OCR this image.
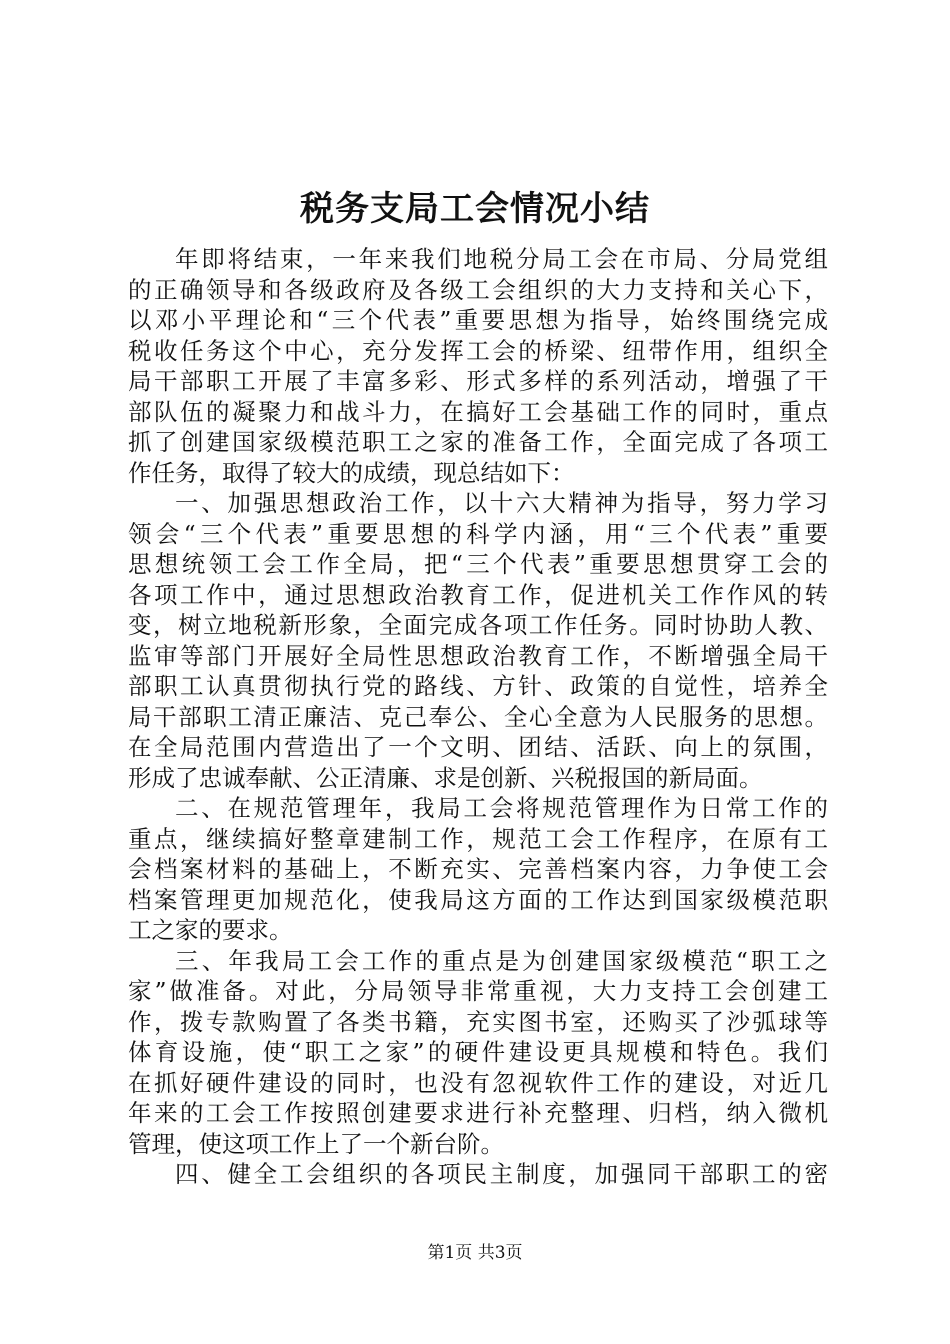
税务支局工会情况小结
年即将结束，一年来我们地税分局工会在市局、分局党组
的正确领导和各级政府及各级工会组织的大力支持和关心下，
以邓小平理论和“三个代表”重要思想为指导，始终围绕完成
税收任务这个中心，充分发挥工会的桥梁、纽带作用，组织全
局干部职工开展了丰富多彩、形式多样的系列活动，增强了干
部队伍的凝聚力和战斗力，在搞好工会基础工作的同时，重点
抓了创建国家级模范职工之家的准备工作，全面完成了各项工
作任务，取得了较大的成绩，现总结如下：
一、加强思想政治工作，以十六大精神为指导，努力学习
领会“三个代表”重要思想的科学内涵，用“三个代表”重要
思想统领工会工作全局，把“三个代表”重要思想贯穿工会的
各项工作中，通过思想政治教育工作，促进机关工作作风的转
变，树立地税新形象，全面完成各项工作任务。同时协助人教、
监审等部门开展好全局性思想政治教育工作，不断增强全局干
部职工认真贯彻执行党的路线、方针、政策的自觉性，培养全
局干部职工清正廉洁、克己奉公、全心全意为人民服务的思想。
在全局范围内营造出了一个文明、团结、活跃、向上的氛围，
形成了忠诚奉献、公正清廉、求是创新、兴税报国的新局面。
二、在规范管理年，我局工会将规范管理作为日常工作的
重点，继续搞好整章建制工作，规范工会工作程序，在原有工
会档案材料的基础上，不断充实、完善档案内容，力争使工会
档案管理更加规范化，使我局这方面的工作达到国家级模范职
工之家的要求。
三、年我局工会工作的重点是为创建国家级模范“职工之
家”做准备。对此，分局领导非常重视，大力支持工会创建工
作，拨专款购置了各类书籍，充实图书室，还购买了沙弧球等
体育设施，使“职工之家”的硬件建设更具规模和特色。我们
在抓好硬件建设的同时，也没有忽视软件工作的建设，对近几
年来的工会工作按照创建要求进行补充整理、归档，纳入微机
管理，使这项工作上了一个新台阶。
四、健全工会组织的各项民主制度，加强同干部职工的密
第1页 共3页
